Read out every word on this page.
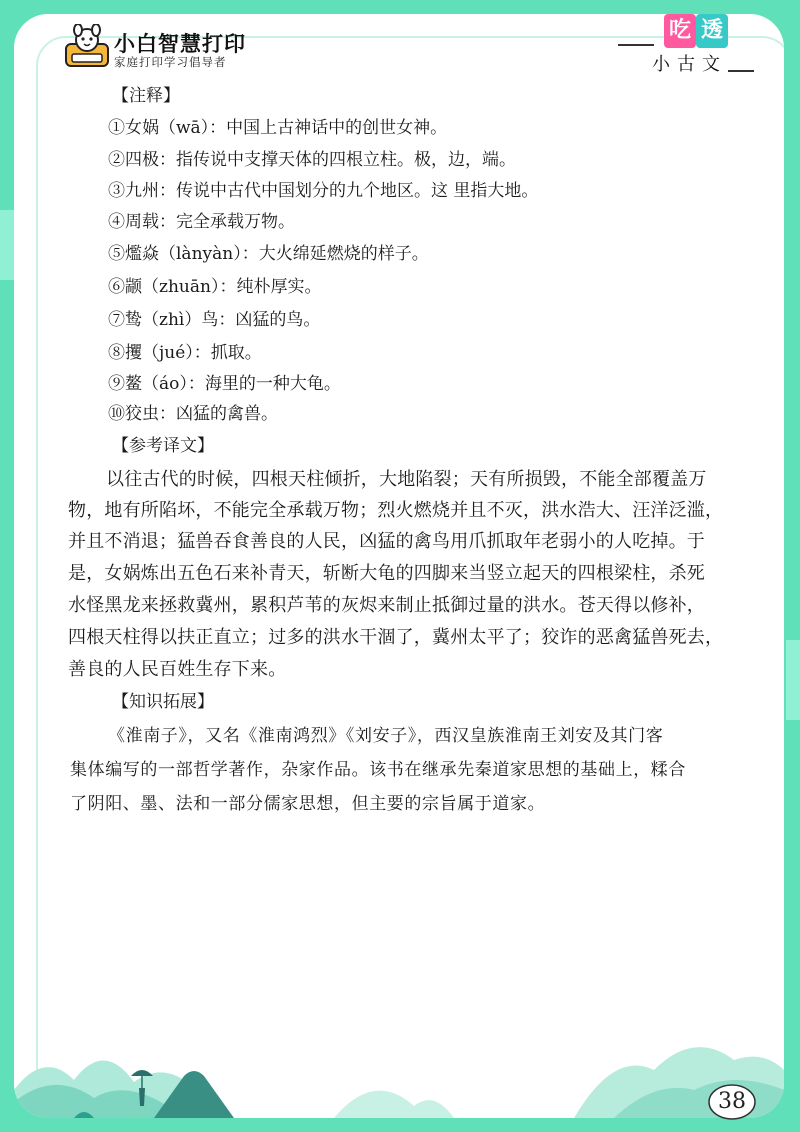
小白智慧打印
家庭打印学习倡导者
吃 透
小古文
【注释】
①女娲（wā）：中国上古神话中的创世女神。
②四极：指传说中支撑天体的四根立柱。极，边，端。
③九州：传说中古代中国划分的九个地区。这 里指大地。
④周载：完全承载万物。
⑤爁焱（lànyàn）：大火绵延燃烧的样子。
⑥颛（zhuān）：纯朴厚实。
⑦鸷（zhì）鸟：凶猛的鸟。
⑧攫（jué）：抓取。
⑨鳌（áo）：海里的一种大龟。
⑩狡虫：凶猛的禽兽。
【参考译文】
以往古代的时候，四根天柱倾折，大地陷裂；天有所损毁，不能全部覆盖万
物，地有所陷坏，不能完全承载万物；烈火燃烧并且不灭，洪水浩大、汪洋泛滥，
并且不消退；猛兽吞食善良的人民，凶猛的禽鸟用爪抓取年老弱小的人吃掉。于
是，女娲炼出五色石来补青天，斩断大龟的四脚来当竖立起天的四根梁柱，杀死
水怪黑龙来拯救冀州，累积芦苇的灰烬来制止抵御过量的洪水。苍天得以修补，
四根天柱得以扶正直立；过多的洪水干涸了，冀州太平了；狡诈的恶禽猛兽死去，
善良的人民百姓生存下来。
【知识拓展】
《淮南子》，又名《淮南鸿烈》《刘安子》，西汉皇族淮南王刘安及其门客
集体编写的一部哲学著作，杂家作品。该书在继承先秦道家思想的基础上，糅合
了阴阳、墨、法和一部分儒家思想，但主要的宗旨属于道家。
38
